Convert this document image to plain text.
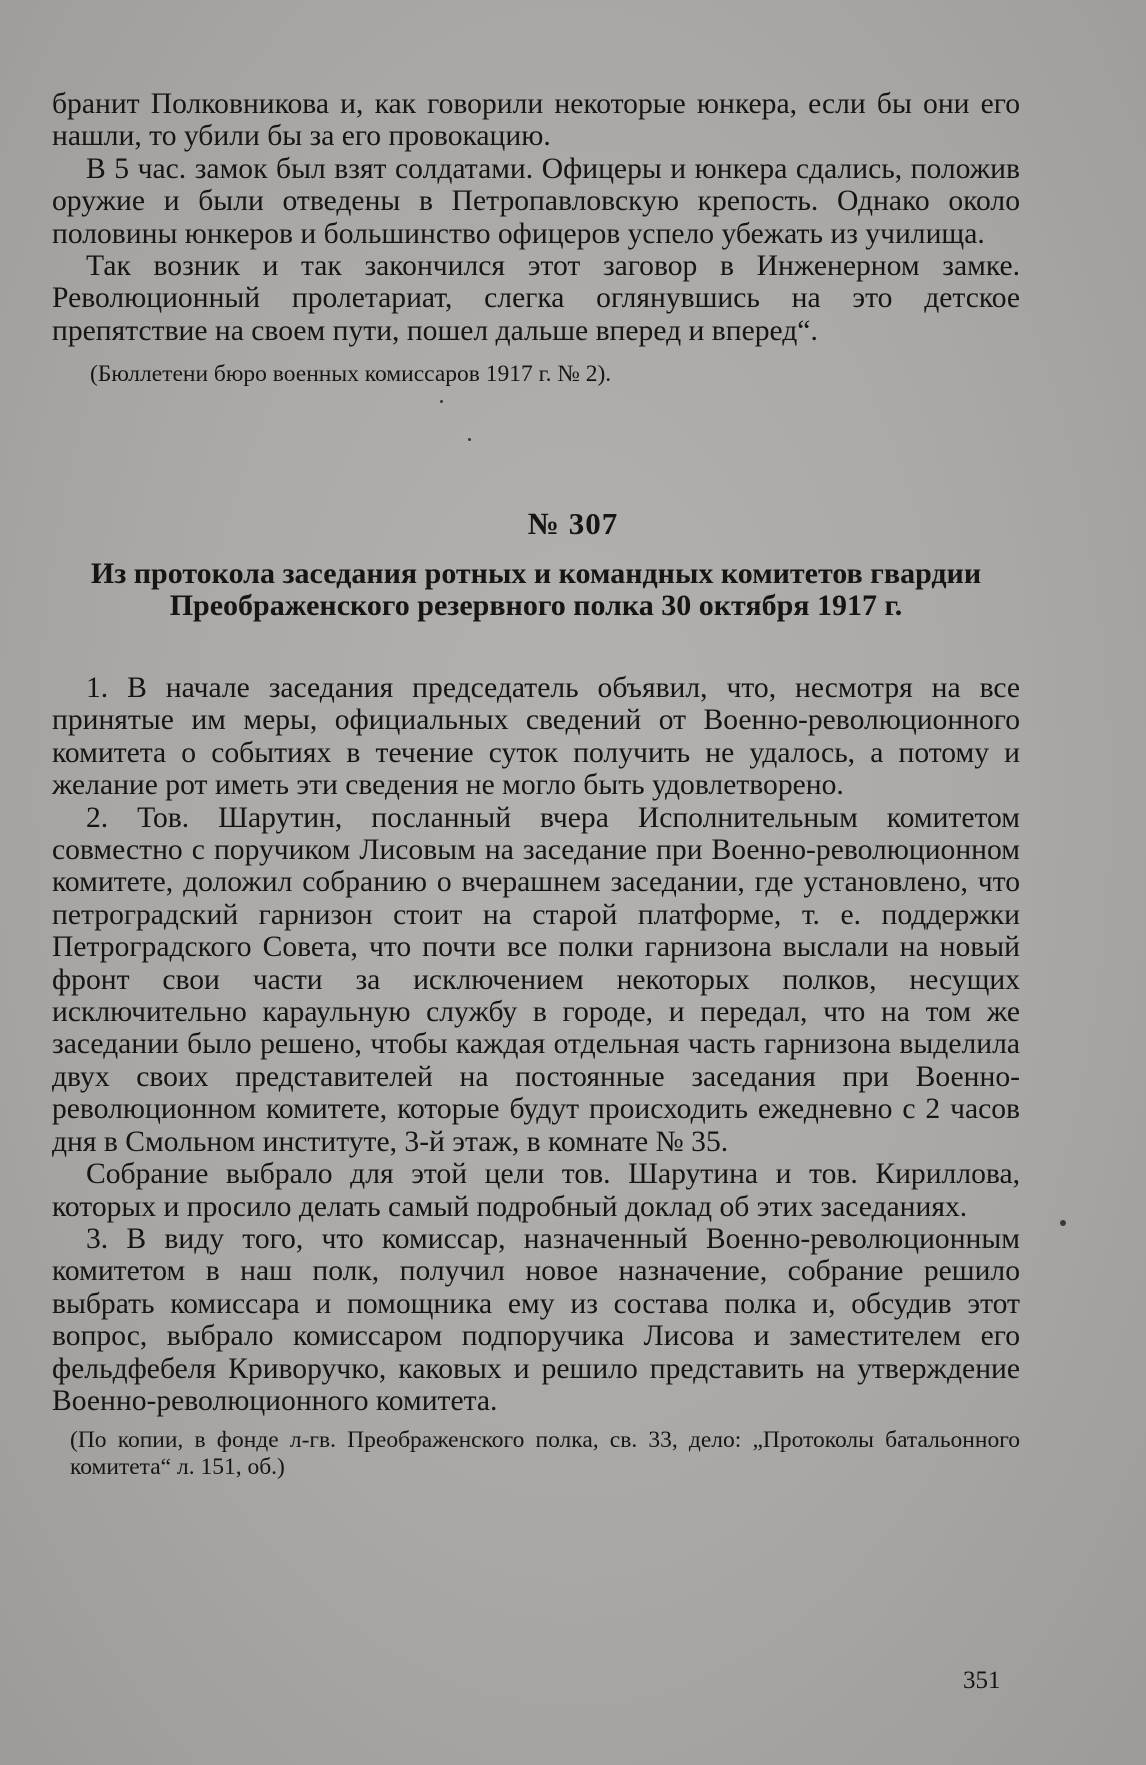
бранит Полковникова и, как говорили некоторые юнкера, если бы они его нашли, то убили бы за его провокацию.

В 5 час. замок был взят солдатами. Офицеры и юнкера сдались, положив оружие и были отведены в Петропавловскую крепость. Однако около половины юнкеров и большинство офицеров успело убежать из училища.

Так возник и так закончился этот заговор в Инженерном замке. Революционный пролетариат, слегка оглянувшись на это детское препятствие на своем пути, пошел дальше вперед и вперед“.

(Бюллетени бюро военных комиссаров 1917 г. № 2).

№ 307
Из протокола заседания ротных и командных комитетов гвардии Преображенского резервного полка 30 октября 1917 г.

1. В начале заседания председатель объявил, что, несмотря на все принятые им меры, официальных сведений от Военно-революционного комитета о событиях в течение суток получить не удалось, а потому и желание рот иметь эти сведения не могло быть удовлетворено.

2. Тов. Шарутин, посланный вчера Исполнительным комитетом совместно с поручиком Лисовым на заседание при Военно-революционном комитете, доложил собранию о вчерашнем заседании, где установлено, что петроградский гарнизон стоит на старой платформе, т. е. поддержки Петроградского Совета, что почти все полки гарнизона выслали на новый фронт свои части за исключением некоторых полков, несущих исключительно караульную службу в городе, и передал, что на том же заседании было решено, чтобы каждая отдельная часть гарнизона выделила двух своих представителей на постоянные заседания при Военно-революционном комитете, которые будут происходить ежедневно с 2 часов дня в Смольном институте, 3-й этаж, в комнате № 35.

Собрание выбрало для этой цели тов. Шарутина и тов. Кириллова, которых и просило делать самый подробный доклад об этих заседаниях.

3. В виду того, что комиссар, назначенный Военно-революционным комитетом в наш полк, получил новое назначение, собрание решило выбрать комиссара и помощника ему из состава полка и, обсудив этот вопрос, выбрало комиссаром подпоручика Лисова и заместителем его фельдфебеля Криворучко, каковых и решило представить на утверждение Военно-революционного комитета.

(По копии, в фонде л-гв. Преображенского полка, св. 33, дело: „Протоколы батальонного комитета“ л. 151, об.)

351
